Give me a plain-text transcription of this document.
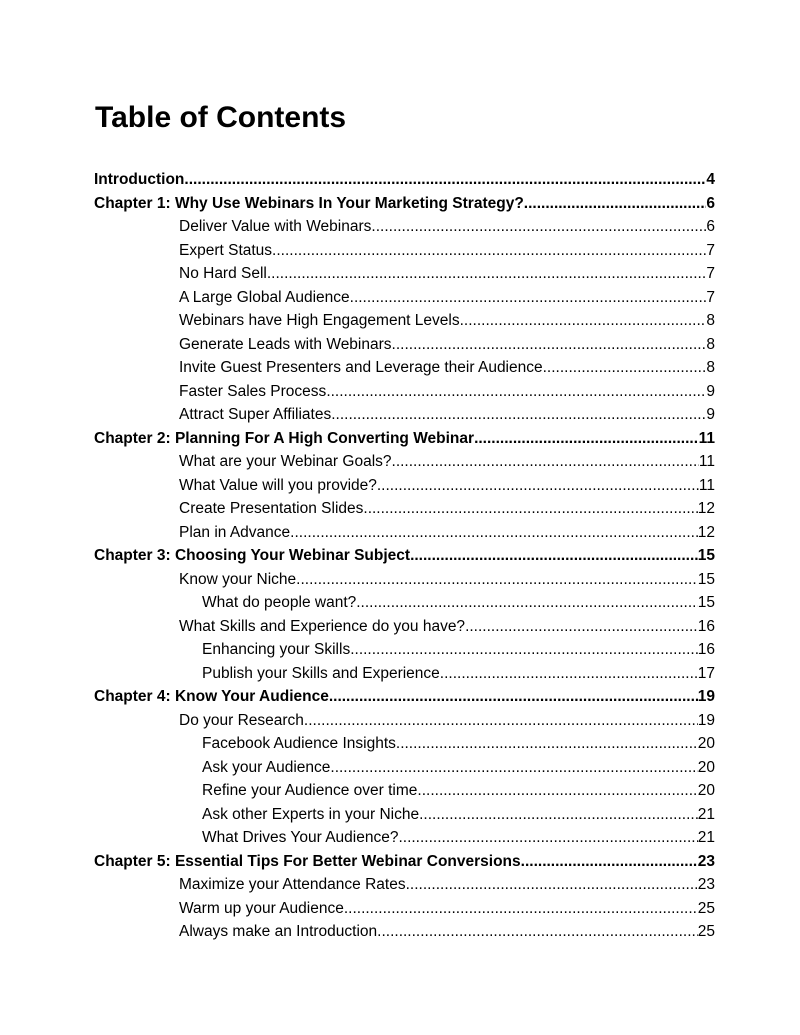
Table of Contents
Introduction .....	4
Chapter 1: Why Use Webinars In Your Marketing Strategy? .....	6
Deliver Value with Webinars .....	6
Expert Status .....	7
No Hard Sell .....	7
A Large Global Audience .....	7
Webinars have High Engagement Levels .....	8
Generate Leads with Webinars .....	8
Invite Guest Presenters and Leverage their Audience .....	8
Faster Sales Process .....	9
Attract Super Affiliates .....	9
Chapter 2: Planning For A High Converting Webinar .....	11
What are your Webinar Goals? .....	11
What Value will you provide? .....	11
Create Presentation Slides .....	12
Plan in Advance .....	12
Chapter 3: Choosing Your Webinar Subject .....	15
Know your Niche .....	15
What do people want? .....	15
What Skills and Experience do you have? .....	16
Enhancing your Skills .....	16
Publish your Skills and Experience .....	17
Chapter 4: Know Your Audience .....	19
Do your Research .....	19
Facebook Audience Insights .....	20
Ask your Audience .....	20
Refine your Audience over time .....	20
Ask other Experts in your Niche .....	21
What Drives Your Audience? .....	21
Chapter 5: Essential Tips For Better Webinar Conversions .....	23
Maximize your Attendance Rates .....	23
Warm up your Audience .....	25
Always make an Introduction .....	25
